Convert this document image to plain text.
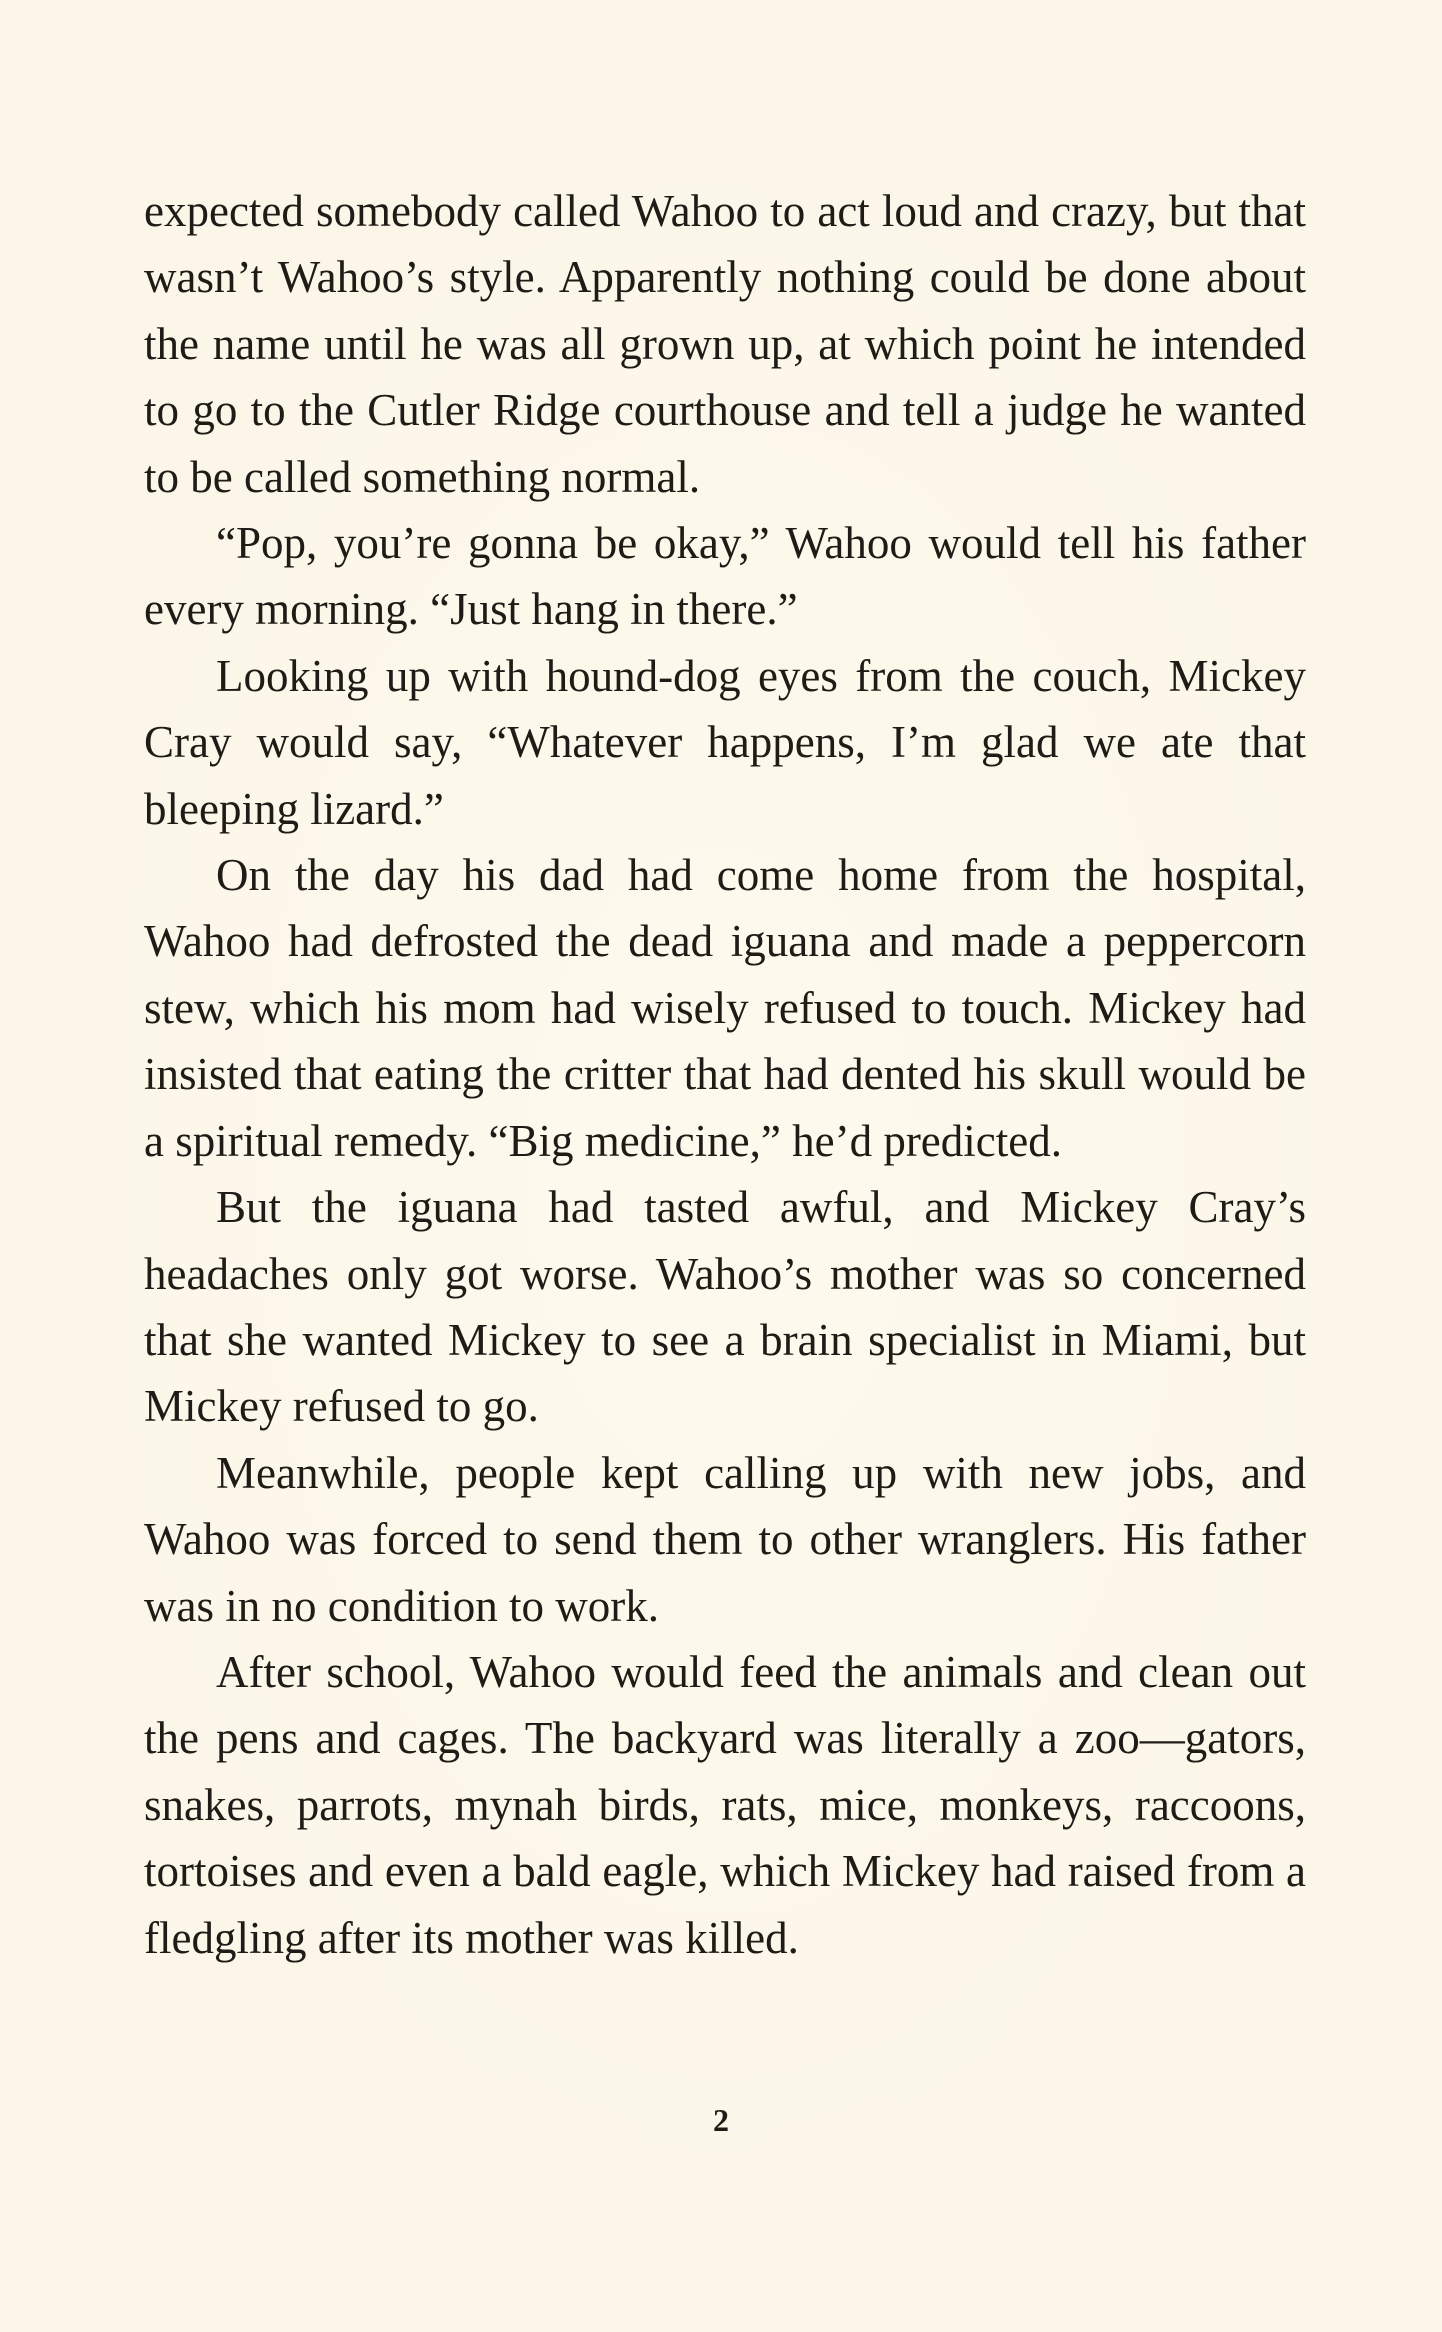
expected somebody called Wahoo to act loud and crazy, but that wasn’t Wahoo’s style. Apparently nothing could be done about the name until he was all grown up, at which point he intended to go to the Cutler Ridge courthouse and tell a judge he wanted to be called something normal.

“Pop, you’re gonna be okay,” Wahoo would tell his father every morning. “Just hang in there.”

Looking up with hound-dog eyes from the couch, Mickey Cray would say, “Whatever happens, I’m glad we ate that bleeping lizard.”

On the day his dad had come home from the hospital, Wahoo had defrosted the dead iguana and made a peppercorn stew, which his mom had wisely refused to touch. Mickey had insisted that eating the critter that had dented his skull would be a spiritual remedy. “Big medicine,” he’d predicted.

But the iguana had tasted awful, and Mickey Cray’s headaches only got worse. Wahoo’s mother was so concerned that she wanted Mickey to see a brain specialist in Miami, but Mickey refused to go.

Meanwhile, people kept calling up with new jobs, and Wahoo was forced to send them to other wranglers. His father was in no condition to work.

After school, Wahoo would feed the animals and clean out the pens and cages. The backyard was literally a zoo—gators, snakes, parrots, mynah birds, rats, mice, monkeys, raccoons, tortoises and even a bald eagle, which Mickey had raised from a fledgling after its mother was killed.

2
